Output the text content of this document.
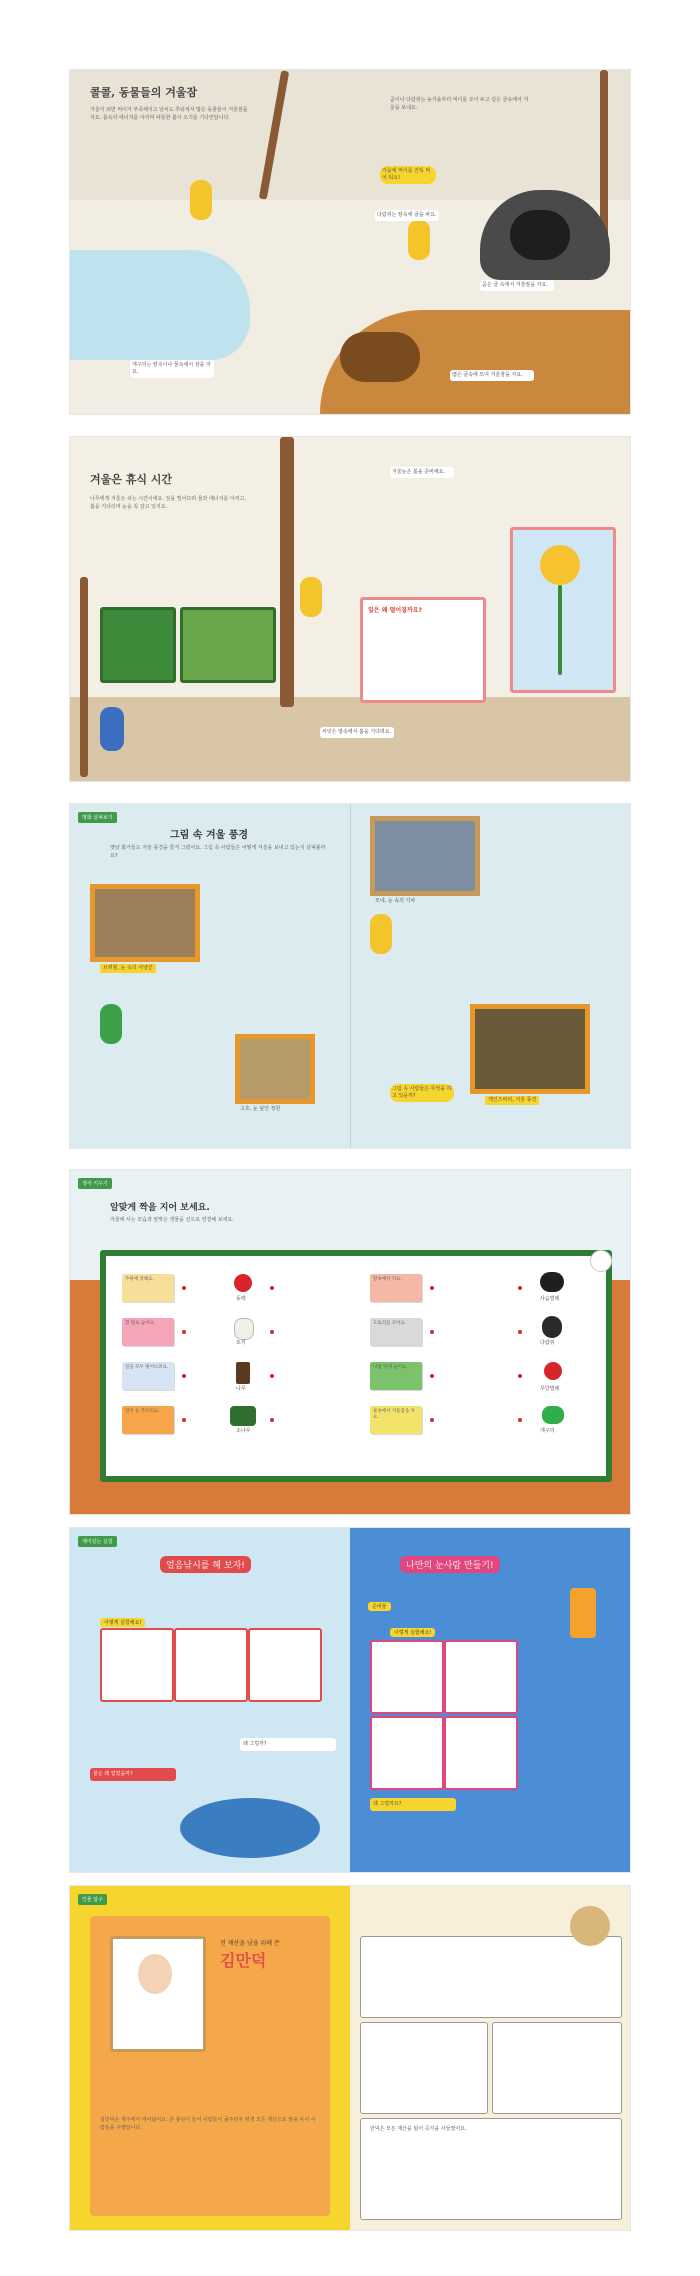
콜콜, 동물들의 겨울잠

겨울이 되면 먹이가 부족해지고 날씨도 추워져서 많은 동물들이 겨울잠을 자요. 몸속의 에너지를 아끼며 따뜻한 봄이 오기를 기다린답니다.

곰이나 다람쥐는 늦가을부터 먹이를 모아 두고 깊은 굴속에서 겨울을 보내요.

다람쥐는 땅속에 굴을 파요.
곰은 굴 속에서 겨울잠을 자요.
개구리는 땅속이나 물속에서 잠을 자요.	뱀은 굴속에 모여 겨울잠을 자요.
가을에 먹이를 잔뜩 먹어 둬요!
겨울은 휴식 시간

나무에게 겨울은 쉬는 시간이에요. 잎을 떨어뜨려 물과 에너지를 아끼고, 봄을 기다리며 눈을 꼭 감고 있지요.

잎은 왜 떨어질까요?
겨울눈은 봄을 준비해요.
씨앗은 땅속에서 봄을 기다려요.
명화 살펴보기
그림 속 겨울 풍경

옛날 화가들도 겨울 풍경을 즐겨 그렸어요. 그림 속 사람들은 어떻게 겨울을 보내고 있는지 살펴볼까요?

브뤼헐, 눈 속의 사냥꾼
모네, 눈 속의 기차
고흐, 눈 덮인 정원
게인즈버러, 겨울 풍경
그림 속 사람들은 무엇을 하고 있을까?
생각 키우기
알맞게 짝을 지어 보세요.

겨울에 사는 모습과 알맞은 생물을 선으로 연결해 보세요.

추위에 강해요.
흰 털로 숨어요.
잎을 모두 떨어뜨려요.
잎이 늘 푸르러요.
동백
토끼
나무
소나무
땅속에서 자요.
도토리를 모아요.
낙엽 밑에 숨어요.
물속에서 겨울잠을 자요.
사슴벌레
다람쥐
무당벌레
개구리
재미있는 실험
얼음낚시를 해 보자!	나만의 눈사람 만들기!
이렇게 실험해요!
물은 왜 얼었을까?
왜 그럴까?
준비물
이렇게 실험해요!
왜 그럴까요?
인물 탐구
전 재산을 남을 위해 쓴
김만덕

김만덕은 제주에서 태어났어요. 큰 흉년이 들어 사람들이 굶주리자 평생 모은 재산으로 쌀을 사서 사람들을 구했답니다.	만덕은 모든 재산을 털어 곡식을 사들였어요.
